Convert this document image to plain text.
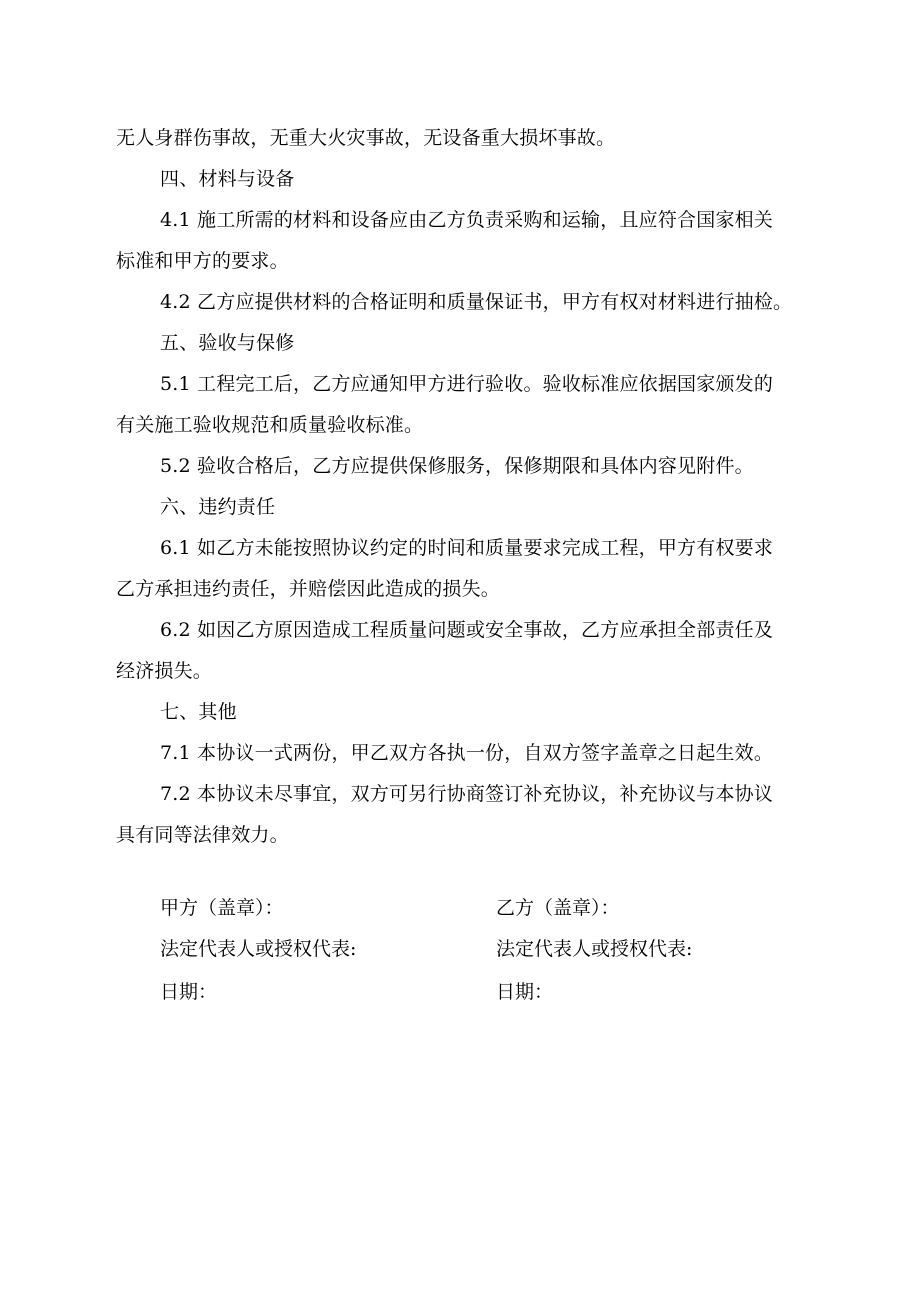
无人身群伤事故，无重大火灾事故，无设备重大损坏事故。
四、材料与设备
4.1 施工所需的材料和设备应由乙方负责采购和运输，且应符合国家相关
标准和甲方的要求。
4.2 乙方应提供材料的合格证明和质量保证书，甲方有权对材料进行抽检。
五、验收与保修
5.1 工程完工后，乙方应通知甲方进行验收。验收标准应依据国家颁发的
有关施工验收规范和质量验收标准。
5.2 验收合格后，乙方应提供保修服务，保修期限和具体内容见附件。
六、违约责任
6.1 如乙方未能按照协议约定的时间和质量要求完成工程，甲方有权要求
乙方承担违约责任，并赔偿因此造成的损失。
6.2 如因乙方原因造成工程质量问题或安全事故，乙方应承担全部责任及
经济损失。
七、其他
7.1 本协议一式两份，甲乙双方各执一份，自双方签字盖章之日起生效。
7.2 本协议未尽事宜，双方可另行协商签订补充协议，补充协议与本协议
具有同等法律效力。
甲方（盖章）：
法定代表人或授权代表:
日期：
乙方（盖章）：
法定代表人或授权代表:
日期：
